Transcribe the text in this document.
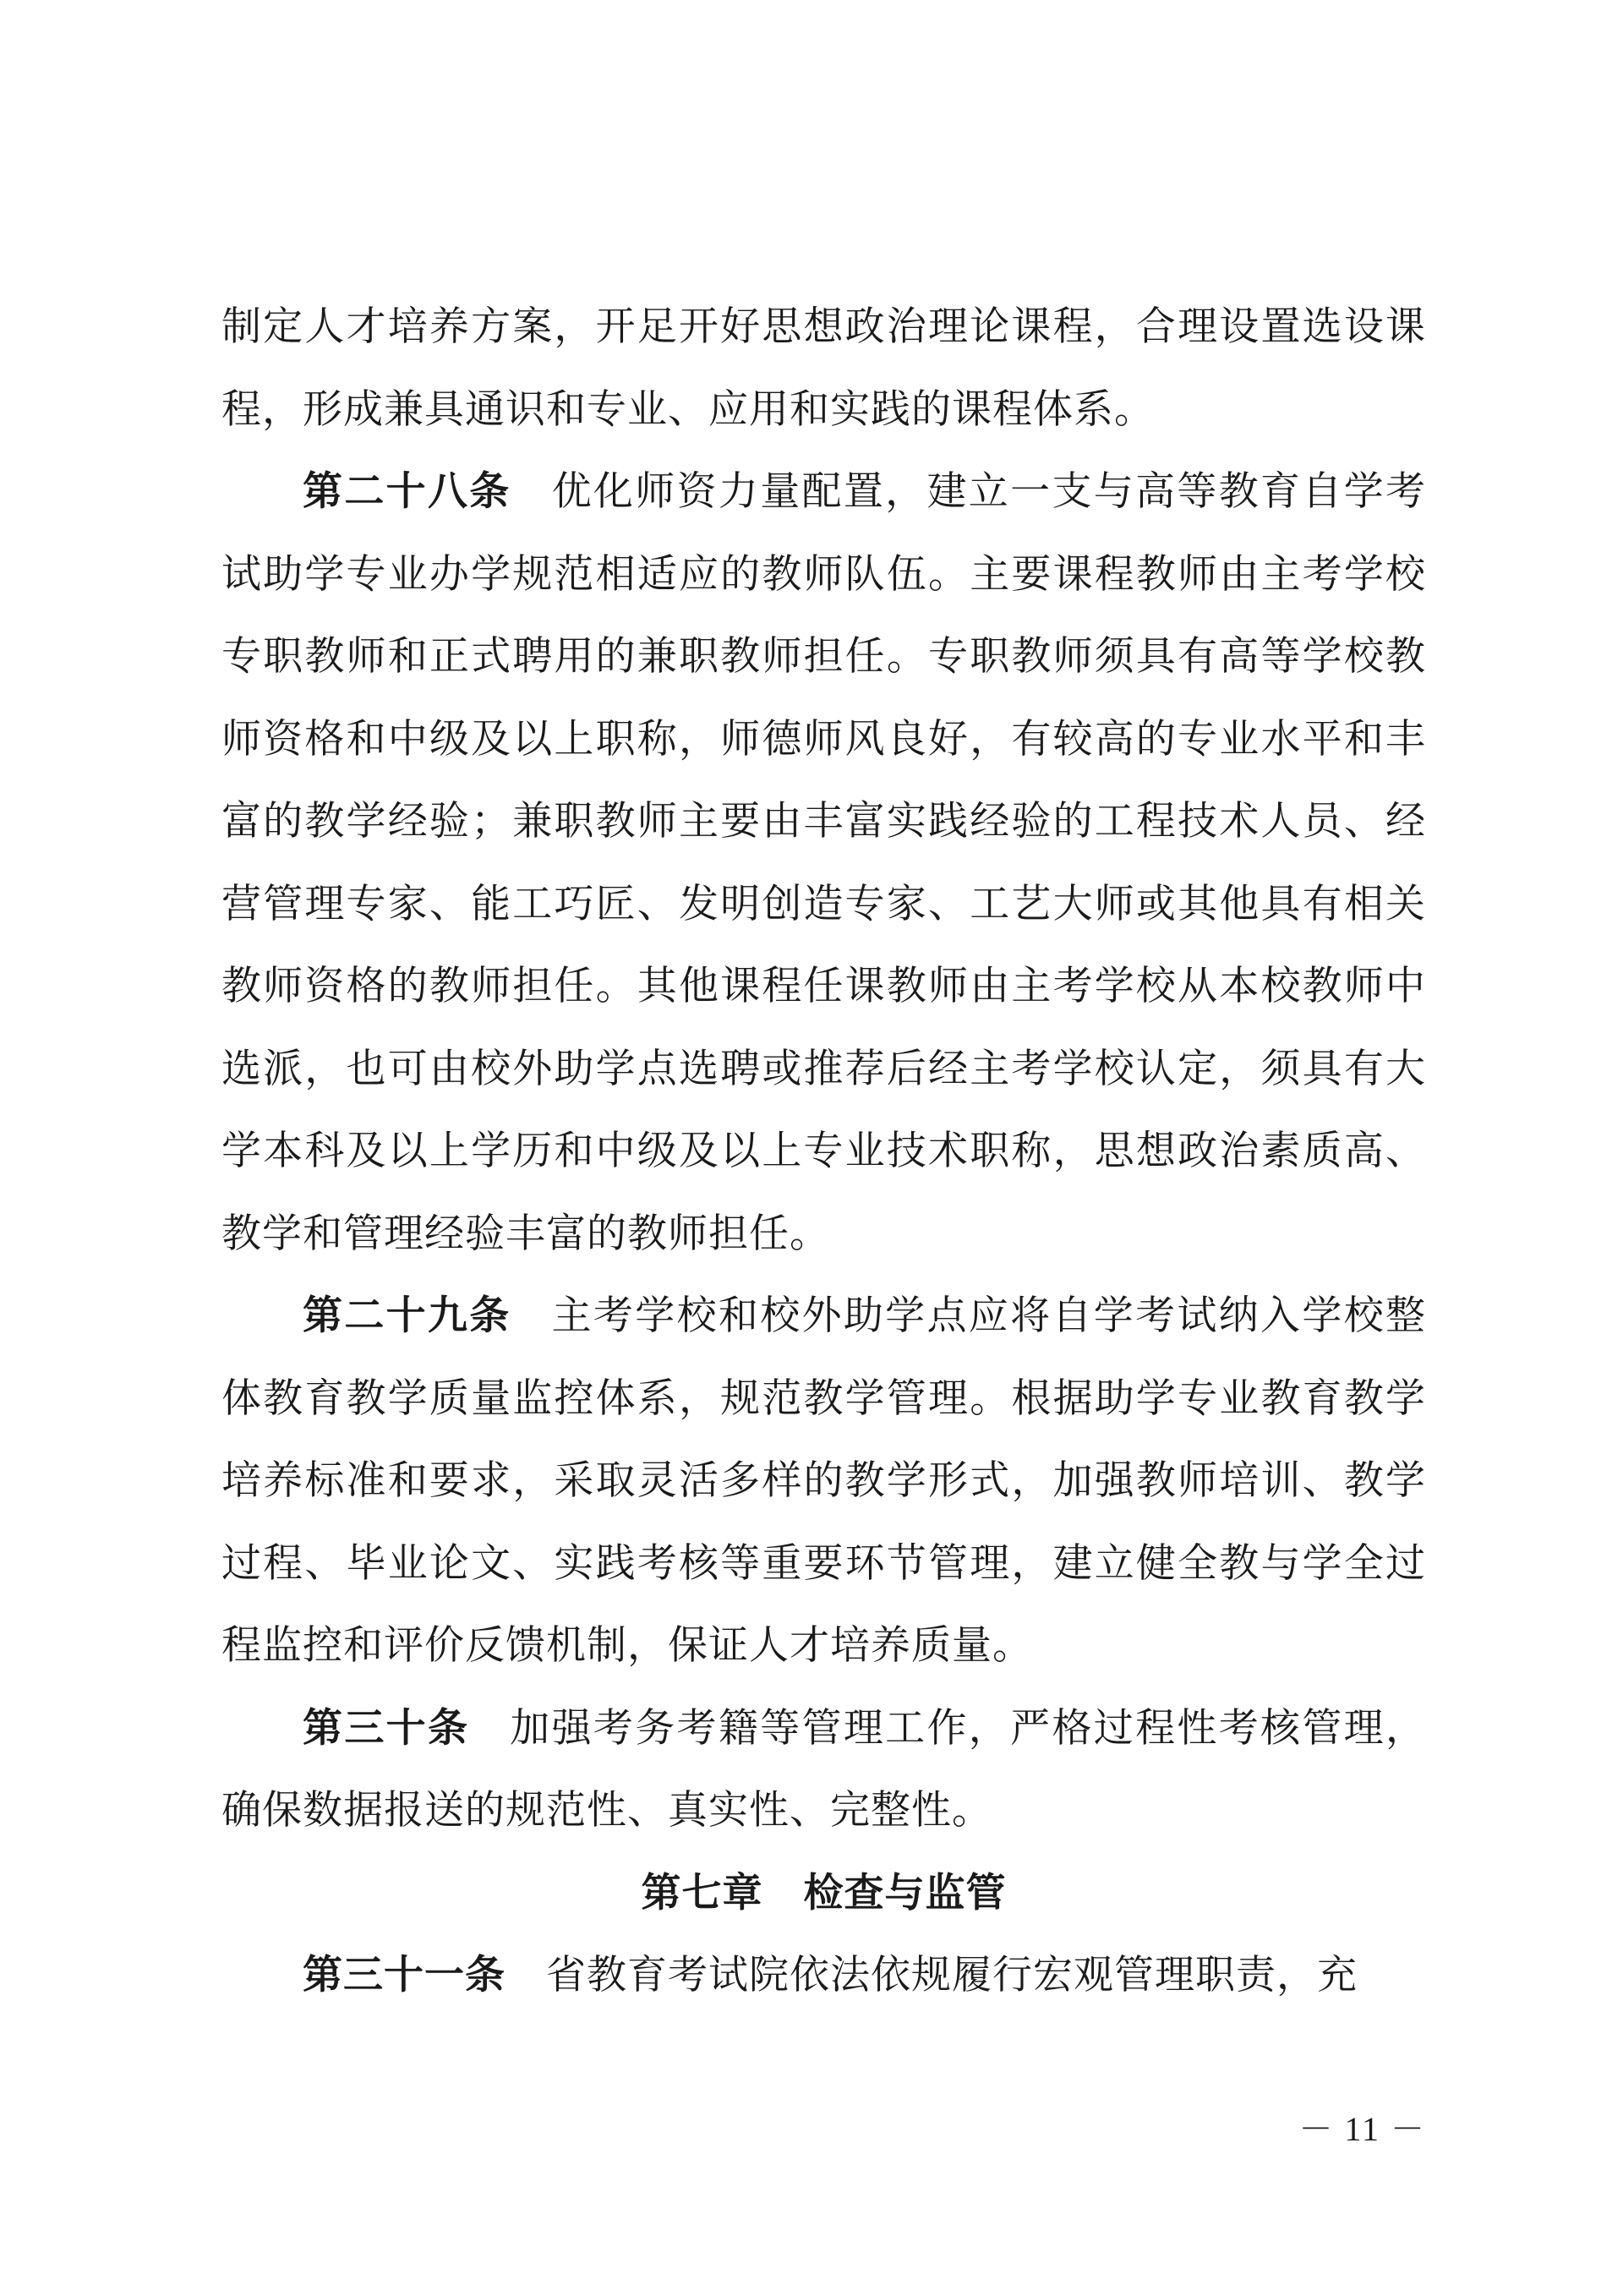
制定人才培养方案，开足开好思想政治理论课程，合理设置选设课程，形成兼具通识和专业、应用和实践的课程体系。

第二十八条 优化师资力量配置，建立一支与高等教育自学考试助学专业办学规范相适应的教师队伍。主要课程教师由主考学校专职教师和正式聘用的兼职教师担任。专职教师须具有高等学校教师资格和中级及以上职称，师德师风良好，有较高的专业水平和丰富的教学经验；兼职教师主要由丰富实践经验的工程技术人员、经营管理专家、能工巧匠、发明创造专家、工艺大师或其他具有相关教师资格的教师担任。其他课程任课教师由主考学校从本校教师中选派，也可由校外助学点选聘或推荐后经主考学校认定，须具有大学本科及以上学历和中级及以上专业技术职称，思想政治素质高、教学和管理经验丰富的教师担任。

第二十九条 主考学校和校外助学点应将自学考试纳入学校整体教育教学质量监控体系，规范教学管理。根据助学专业教育教学培养标准和要求，采取灵活多样的教学形式，加强教师培训、教学过程、毕业论文、实践考核等重要环节管理，建立健全教与学全过程监控和评价反馈机制，保证人才培养质量。

第三十条 加强考务考籍等管理工作，严格过程性考核管理，确保数据报送的规范性、真实性、完整性。

第七章　检查与监管

第三十一条 省教育考试院依法依规履行宏观管理职责，充

－ 11 －
